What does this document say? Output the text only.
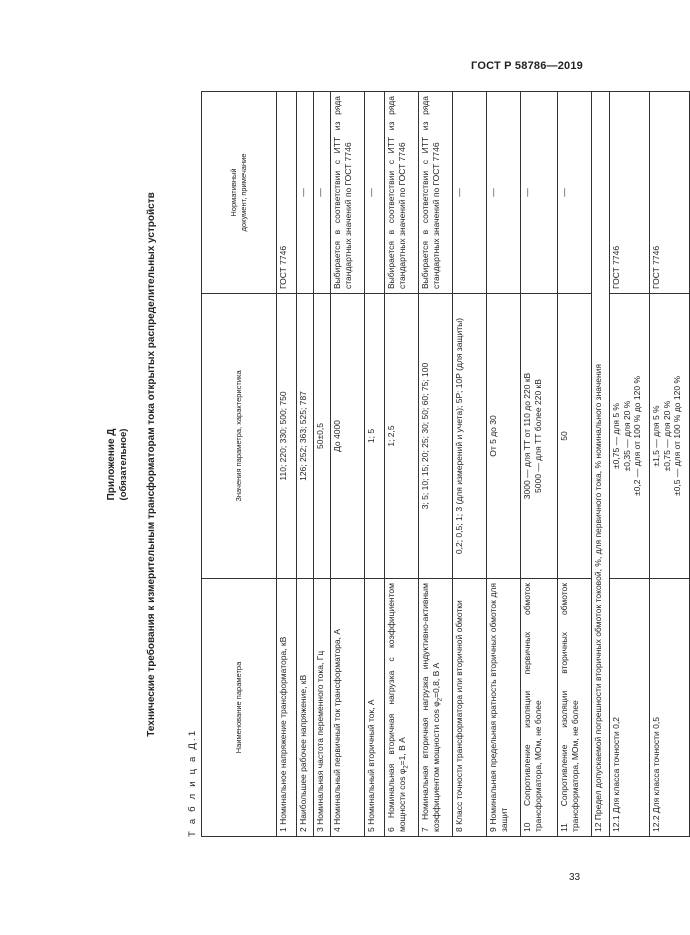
ГОСТ Р 58786—2019
Приложение Д (обязательное) Технические требования к измерительным трансформаторам тока открытых распределительных устройств
Т а б л и ц а Д.1
Наименование параметра	Значения параметра, характеристика	Нормативный документ, примечание
1 Номинальное напряжение трансформатора, кВ	110; 220; 330; 500; 750	ГОСТ 7746
2 Наибольшее рабочее напряжение, кВ	126; 252; 363; 525; 787	—
3 Номинальная частота переменного тока, Гц	50±0,5	—
4 Номинальный первичный ток трансформатора, А	До 4000	Выбирается в соответствии с ИТТ из ряда стандартных значений по ГОСТ 7746
5 Номинальный вторичный ток, А	1; 5	—
6 Номинальная вторичная нагрузка с коэффициентом мощности $\cos \varphi_2=1$, В А	1; 2,5	Выбирается в соответствии с ИТТ из ряда стандартных значений по ГОСТ 7746
7 Номинальная вторичная нагрузка индуктивно-активным коэффициентом мощности $\cos \varphi_2=0,8$, В А	3; 5; 10; 15; 20; 25; 30; 50; 60; 75; 100	Выбирается в соответствии с ИТТ из ряда стандартных значений по ГОСТ 7746
8 Класс точности трансформатора или вторичной обмотки	0,2; 0,5; 1; 3 (для измерений и учета); 5Р; 10Р (для защиты)	—
9 Номинальная предельная кратность вторичных обмоток для защит	От 5 до 30	—
10 Сопротивление изоляции первичных обмоток трансформатора, МОм, не более	3000 — для ТТ от 110 до 220 кВ
5000 — для ТТ более 220 кВ	—
11 Сопротивление изоляции вторичных обмоток трансформатора, МОм, не более	50	—
12 Предел допускаемой погрешности вторичных обмоток токовой, %, для первичного тока, % номинального значения		
12.1 Для класса точности 0,2	±0,75 — для 5 %
±0,35 — для 20 %
±0,2 — для от 100 % до 120 %	ГОСТ 7746
12.2 Для класса точности 0,5	±1,5 — для 5 %
±0,75 — для 20 %
±0,5 — для от 100 % до 120 %	ГОСТ 7746
33
